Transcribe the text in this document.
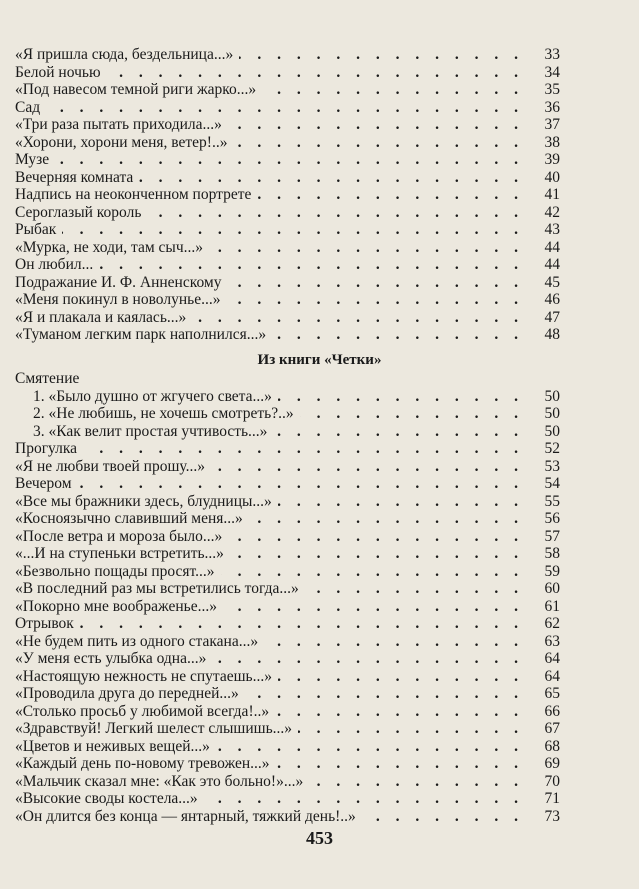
«Я пришла сюда, бездельница...» . . .	33
Белой ночью . . .	34
«Под навесом темной риги жарко...» . . .	35
Сад . . .	36
«Три раза пытать приходила...» . . .	37
«Хорони, хорони меня, ветер!..» . . .	38
Музе . . .	39
Вечерняя комната . . .	40
Надпись на неоконченном портрете . . .	41
Сероглазый король . . .	42
Рыбак . . .	43
«Мурка, не ходи, там сыч...» . . .	44
Он любил... . . .	44
Подражание И. Ф. Анненскому . . .	45
«Меня покинул в новолунье...» . . .	46
«Я и плакала и каялась...» . . .	47
«Туманом легким парк наполнился...» . . .	48
Из книги «Четки»
Смятение
1. «Было душно от жгучего света...» . . .	50
2. «Не любишь, не хочешь смотреть?..» . . .	50
3. «Как велит простая учтивость...» . . .	50
Прогулка . . .	52
«Я не любви твоей прошу...» . . .	53
Вечером . . .	54
«Все мы бражники здесь, блудницы...» . . .	55
«Косноязычно славивший меня...» . . .	56
«После ветра и мороза было...» . . .	57
«...И на ступеньки встретить...» . . .	58
«Безвольно пощады просят...» . . .	59
«В последний раз мы встретились тогда...» . . .	60
«Покорно мне воображенье...» . . .	61
Отрывок . . .	62
«Не будем пить из одного стакана...» . . .	63
«У меня есть улыбка одна...» . . .	64
«Настоящую нежность не спутаешь...» . . .	64
«Проводила друга до передней...» . . .	65
«Столько просьб у любимой всегда!..» . . .	66
«Здравствуй! Легкий шелест слышишь...» . . .	67
«Цветов и неживых вещей...» . . .	68
«Каждый день по-новому тревожен...» . . .	69
«Мальчик сказал мне: «Как это больно!»...» . . .	70
«Высокие своды костела...» . . .	71
«Он длится без конца — янтарный, тяжкий день!..» . . .	73
453
